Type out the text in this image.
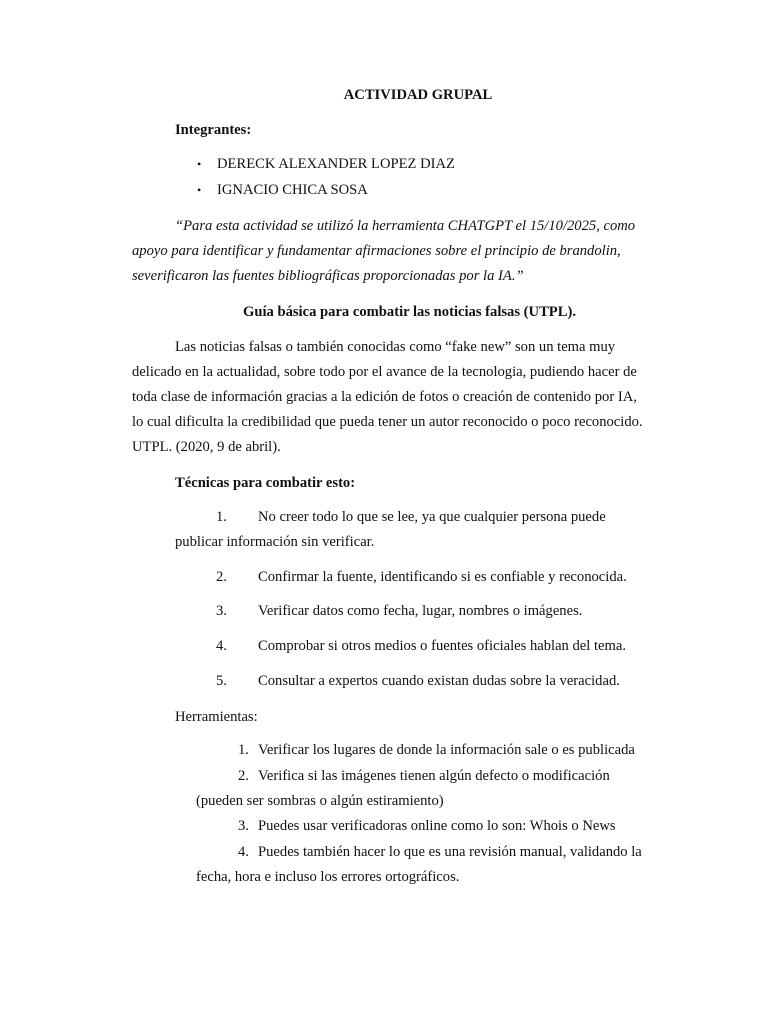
ACTIVIDAD GRUPAL
Integrantes:
• DERECK ALEXANDER LOPEZ DIAZ
• IGNACIO CHICA SOSA
“Para esta actividad se utilizó la herramienta CHATGPT el 15/10/2025, como
apoyo para identificar y fundamentar afirmaciones sobre el principio de brandolin,
severificaron las fuentes bibliográficas proporcionadas por la IA.”
Guía básica para combatir las noticias falsas (UTPL).
Las noticias falsas o también conocidas como “fake new” son un tema muy
delicado en la actualidad, sobre todo por el avance de la tecnologia, pudiendo hacer de
toda clase de información gracias a la edición de fotos o creación de contenido por IA,
lo cual dificulta la credibilidad que pueda tener un autor reconocido o poco reconocido.
UTPL. (2020, 9 de abril).
Técnicas para combatir esto:
1. No creer todo lo que se lee, ya que cualquier persona puede
publicar información sin verificar.
2. Confirmar la fuente, identificando si es confiable y reconocida.
3. Verificar datos como fecha, lugar, nombres o imágenes.
4. Comprobar si otros medios o fuentes oficiales hablan del tema.
5. Consultar a expertos cuando existan dudas sobre la veracidad.
Herramientas:
1. Verificar los lugares de donde la información sale o es publicada
2. Verifica si las imágenes tienen algún defecto o modificación
(pueden ser sombras o algún estiramiento)
3. Puedes usar verificadoras online como lo son: Whois o News
4. Puedes también hacer lo que es una revisión manual, validando la
fecha, hora e incluso los errores ortográficos.
